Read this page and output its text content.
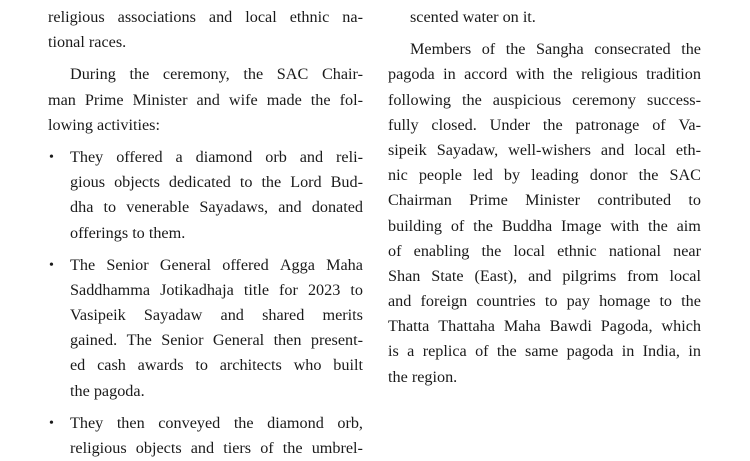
religious associations and local ethnic na-
tional races.
During the ceremony, the SAC Chair-
man Prime Minister and wife made the fol-
lowing activities:
• They offered a diamond orb and reli-
gious objects dedicated to the Lord Bud-
dha to venerable Sayadaws, and donated
offerings to them.
• The Senior General offered Agga Maha
Saddhamma Jotikadhaja title for 2023 to
Vasipeik Sayadaw and shared merits
gained. The Senior General then present-
ed cash awards to architects who built
the pagoda.
• They then conveyed the diamond orb,
religious objects and tiers of the umbrel-
scented water on it.
Members of the Sangha consecrated the
pagoda in accord with the religious tradition
following the auspicious ceremony success-
fully closed. Under the patronage of Va-
sipeik Sayadaw, well-wishers and local eth-
nic people led by leading donor the SAC
Chairman Prime Minister contributed to
building of the Buddha Image with the aim
of enabling the local ethnic national near
Shan State (East), and pilgrims from local
and foreign countries to pay homage to the
Thatta Thattaha Maha Bawdi Pagoda, which
is a replica of the same pagoda in India, in
the region.
